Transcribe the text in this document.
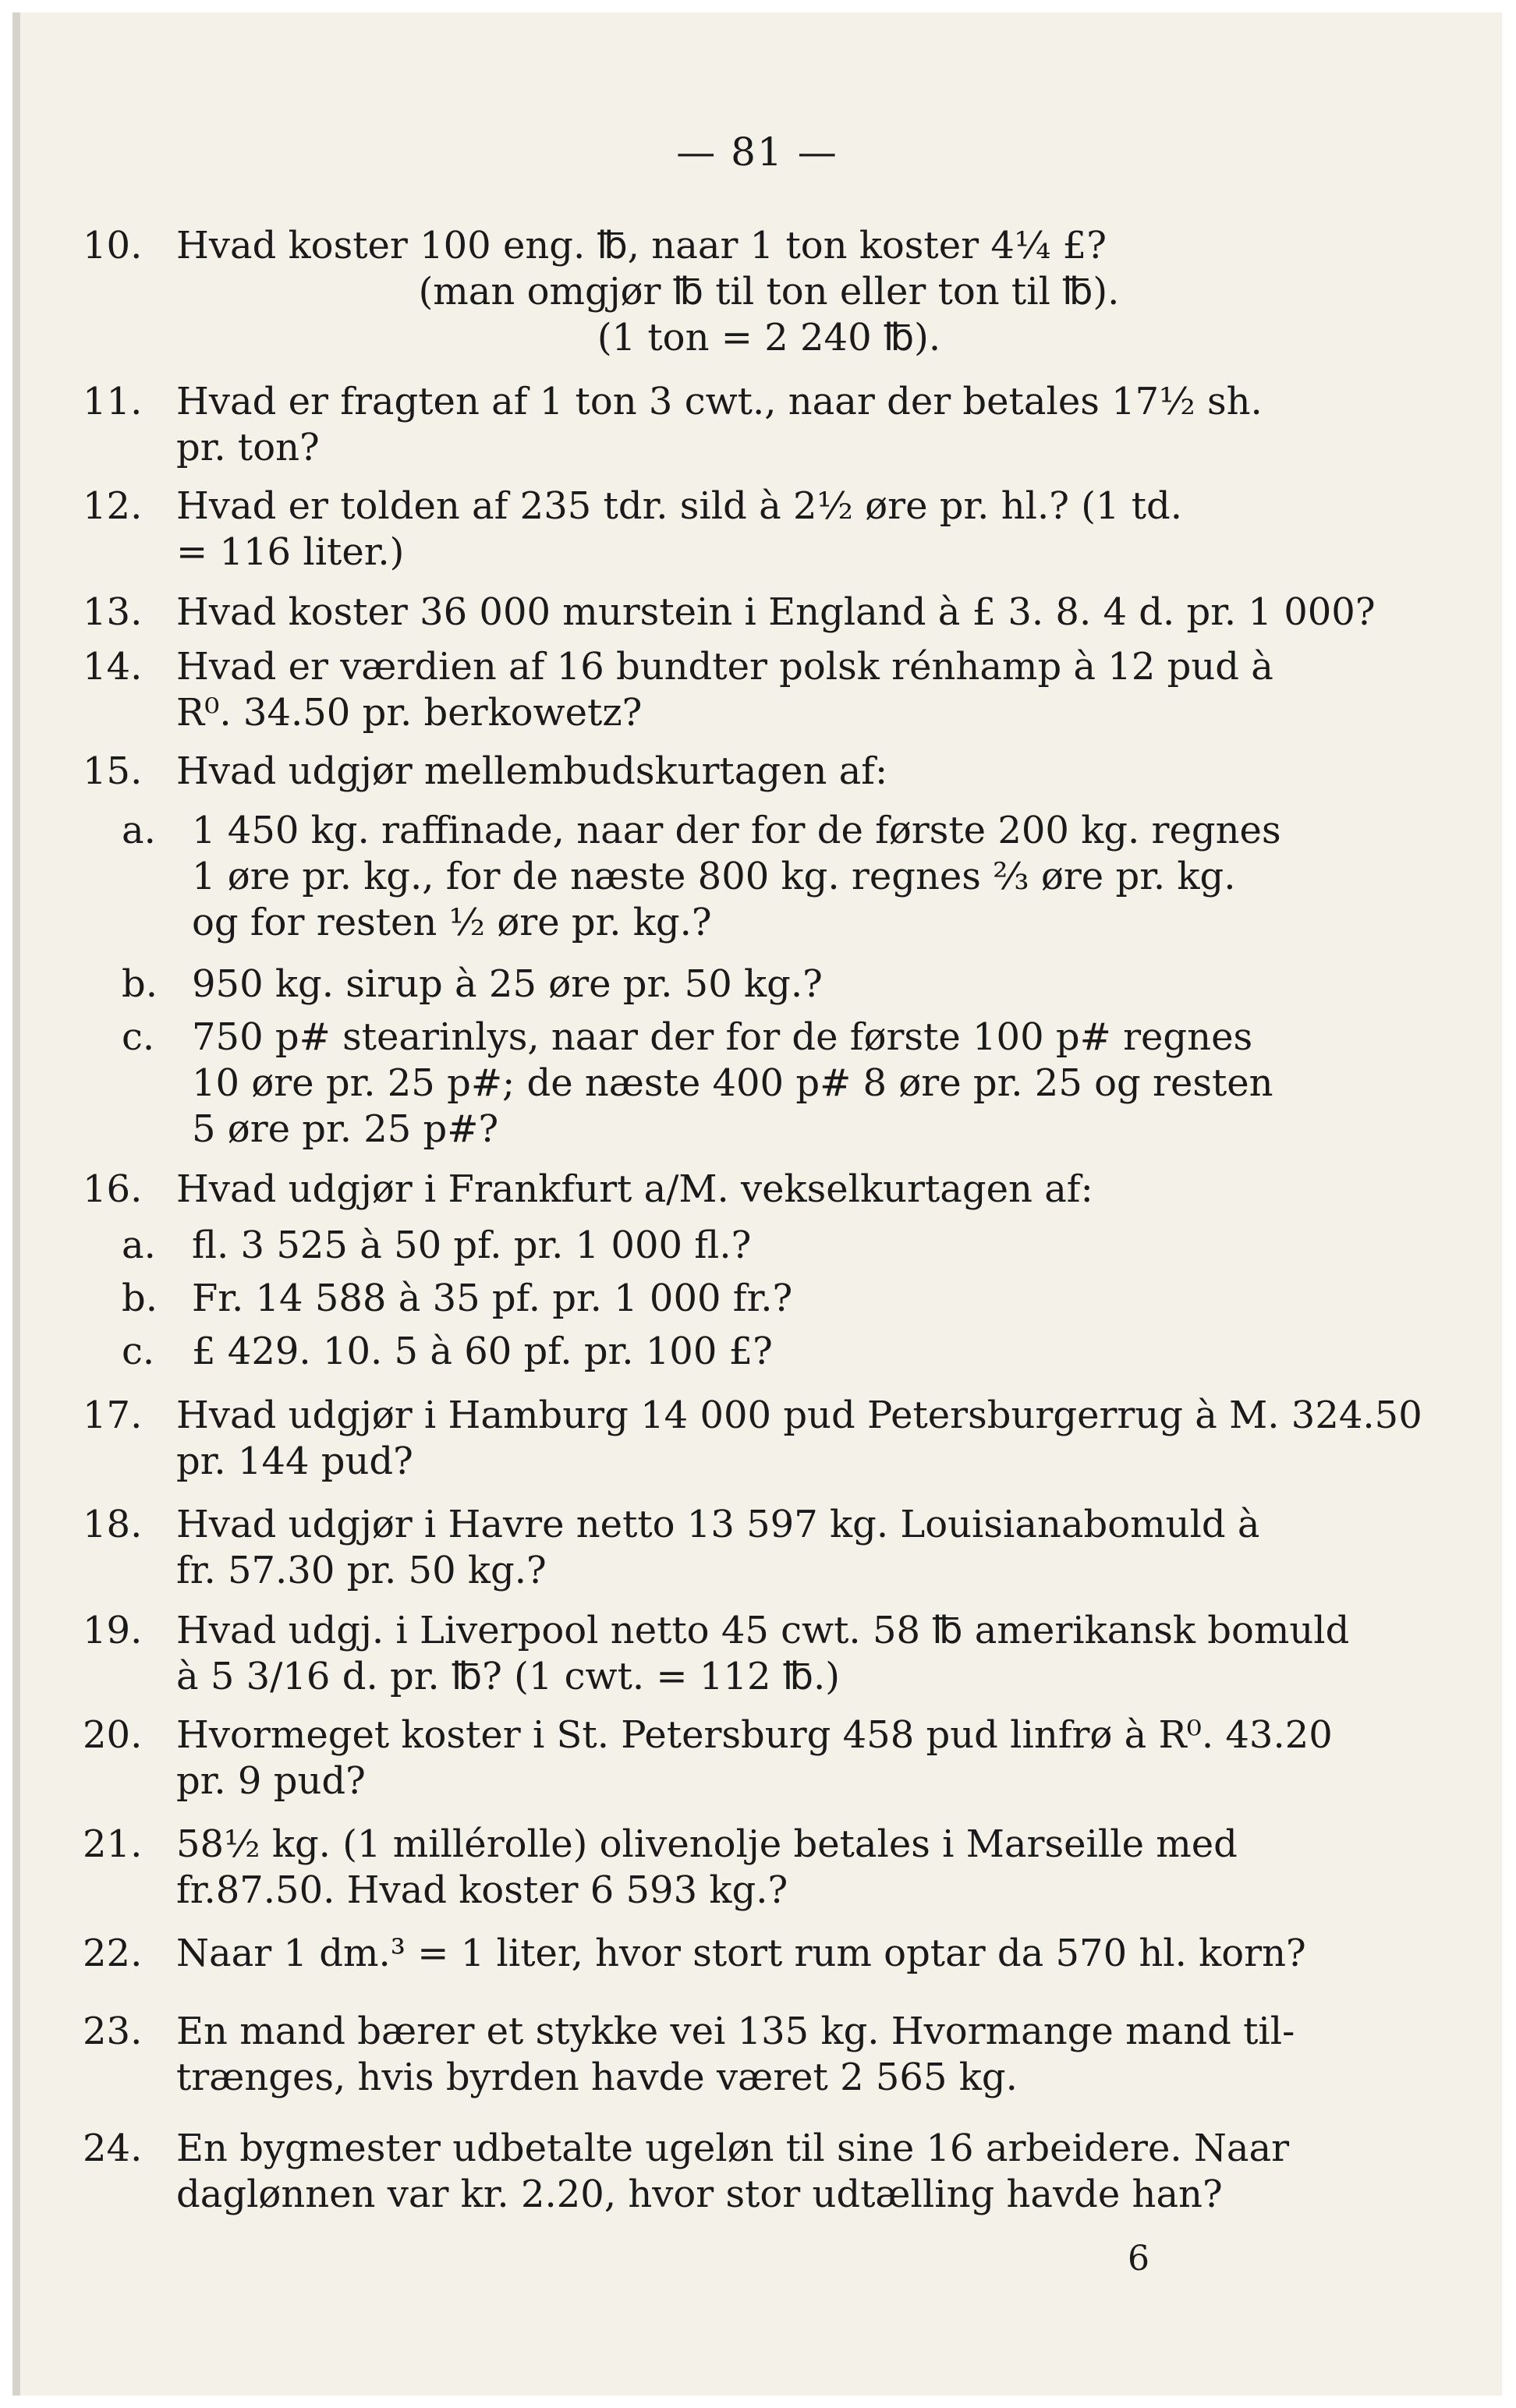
— 81 —
10. Hvad koster 100 eng. ℔, naar 1 ton koster 4¼ £?
(man omgjør ℔ til ton eller ton til ℔).
(1 ton = 2 240 ℔).
11. Hvad er fragten af 1 ton 3 cwt., naar der betales 17½ sh.
pr. ton?
12. Hvad er tolden af 235 tdr. sild à 2½ øre pr. hl.? (1 td.
= 116 liter.)
13. Hvad koster 36 000 murstein i England à £ 3. 8. 4 d. pr. 1 000?
14. Hvad er værdien af 16 bundter polsk rénhamp à 12 pud à
R⁰. 34.50 pr. berkowetz?
15. Hvad udgjør mellembudskurtagen af:
a. 1 450 kg. raffinade, naar der for de første 200 kg. regnes
1 øre pr. kg., for de næste 800 kg. regnes ⅔ øre pr. kg.
og for resten ½ øre pr. kg.?
b. 950 kg. sirup à 25 øre pr. 50 kg.?
c. 750 p# stearinlys, naar der for de første 100 p# regnes
10 øre pr. 25 p#; de næste 400 p# 8 øre pr. 25 og resten
5 øre pr. 25 p#?
16. Hvad udgjør i Frankfurt a/M. vekselkurtagen af:
a. fl. 3 525 à 50 pf. pr. 1 000 fl.?
b. Fr. 14 588 à 35 pf. pr. 1 000 fr.?
c. £ 429. 10. 5 à 60 pf. pr. 100 £?
17. Hvad udgjør i Hamburg 14 000 pud Petersburgerrug à M. 324.50
pr. 144 pud?
18. Hvad udgjør i Havre netto 13 597 kg. Louisianabomuld à
fr. 57.30 pr. 50 kg.?
19. Hvad udgj. i Liverpool netto 45 cwt. 58 ℔ amerikansk bomuld
à 5 3/16 d. pr. ℔? (1 cwt. = 112 ℔.)
20. Hvormeget koster i St. Petersburg 458 pud linfrø à R⁰. 43.20
pr. 9 pud?
21. 58½ kg. (1 millérolle) olivenolje betales i Marseille med
fr.87.50. Hvad koster 6 593 kg.?
22. Naar 1 dm.³ = 1 liter, hvor stort rum optar da 570 hl. korn?
23. En mand bærer et stykke vei 135 kg. Hvormange mand til-
trænges, hvis byrden havde været 2 565 kg.
24. En bygmester udbetalte ugeløn til sine 16 arbeidere. Naar
daglønnen var kr. 2.20, hvor stor udtælling havde han?
6
